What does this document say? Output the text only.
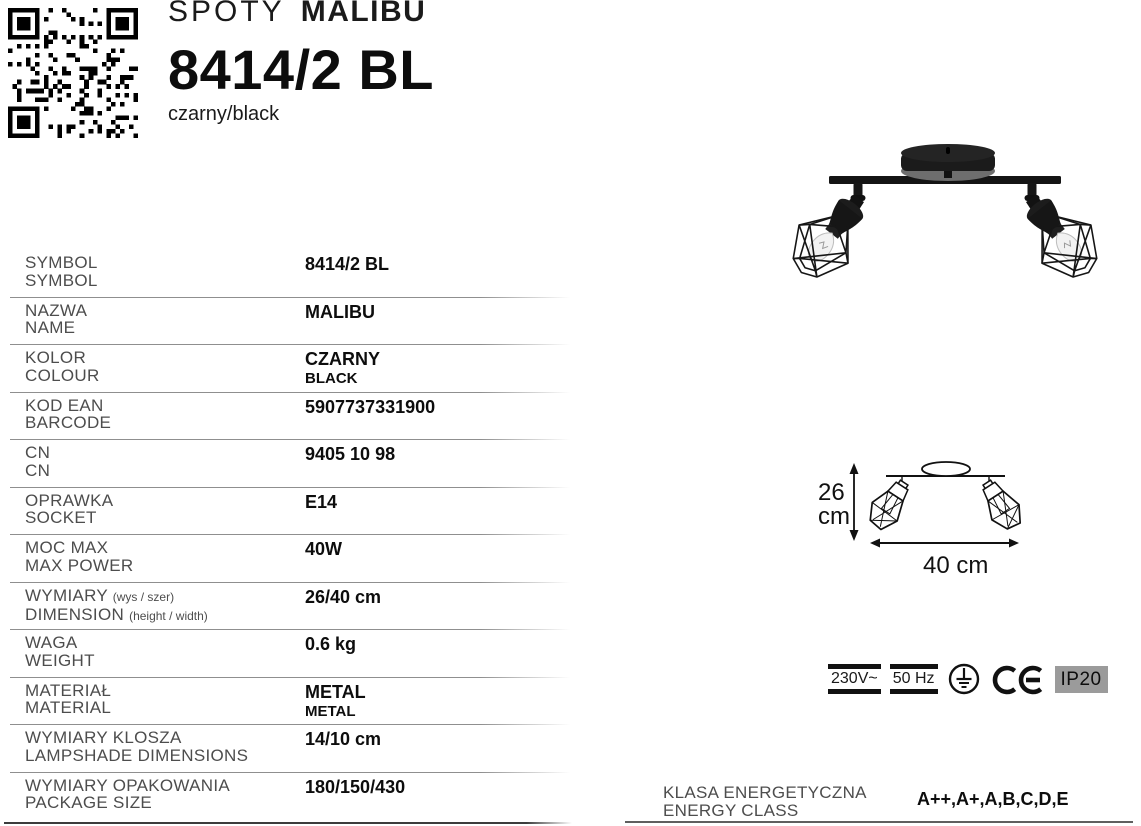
SPOTY MALIBU
8414/2 BL
czarny/black
SYMBOL
SYMBOL
8414/2 BL
NAZWA
NAME
MALIBU
KOLOR
COLOUR
CZARNY
BLACK
KOD EAN
BARCODE
5907737331900
CN
CN
9405 10 98
OPRAWKA
SOCKET
E14
MOC MAX
MAX POWER
40W
WYMIARY (wys / szer)
DIMENSION (height / width)
26/40 cm
WAGA
WEIGHT
0.6 kg
MATERIAŁ
MATERIAL
METAL
METAL
WYMIARY KLOSZA
LAMPSHADE DIMENSIONS
14/10 cm
WYMIARY OPAKOWANIA
PACKAGE SIZE
180/150/430
26
cm
40 cm
230V~ 50 Hz	IP20
KLASA ENERGETYCZNA
ENERGY CLASS
A++,A+,A,B,C,D,E
